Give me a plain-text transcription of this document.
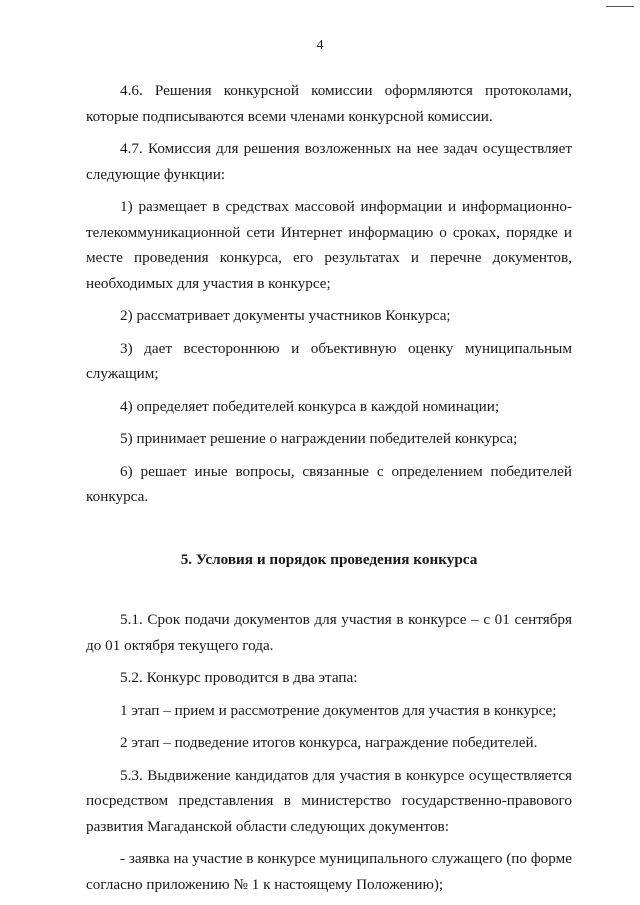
4

4.6. Решения конкурсной комиссии оформляются протоколами, которые подписываются всеми членами конкурсной комиссии.

4.7. Комиссия для решения возложенных на нее задач осуществляет следующие функции:

1) размещает в средствах массовой информации и информационно-телекоммуникационной сети Интернет информацию о сроках, порядке и месте проведения конкурса, его результатах и перечне документов, необходимых для участия в конкурсе;

2) рассматривает документы участников Конкурса;

3) дает всестороннюю и объективную оценку муниципальным служащим;

4) определяет победителей конкурса в каждой номинации;

5) принимает решение о награждении победителей конкурса;

6) решает иные вопросы, связанные с определением победителей конкурса.

5. Условия и порядок проведения конкурса

5.1. Срок подачи документов для участия в конкурсе – с 01 сентября до 01 октября текущего года.

5.2. Конкурс проводится в два этапа:

1 этап – прием и рассмотрение документов для участия в конкурсе;

2 этап – подведение итогов конкурса, награждение победителей.

5.3. Выдвижение кандидатов для участия в конкурсе осуществляется посредством представления в министерство государственно-правового развития Магаданской области следующих документов:

- заявка на участие в конкурсе муниципального служащего (по форме согласно приложению № 1 к настоящему Положению);
